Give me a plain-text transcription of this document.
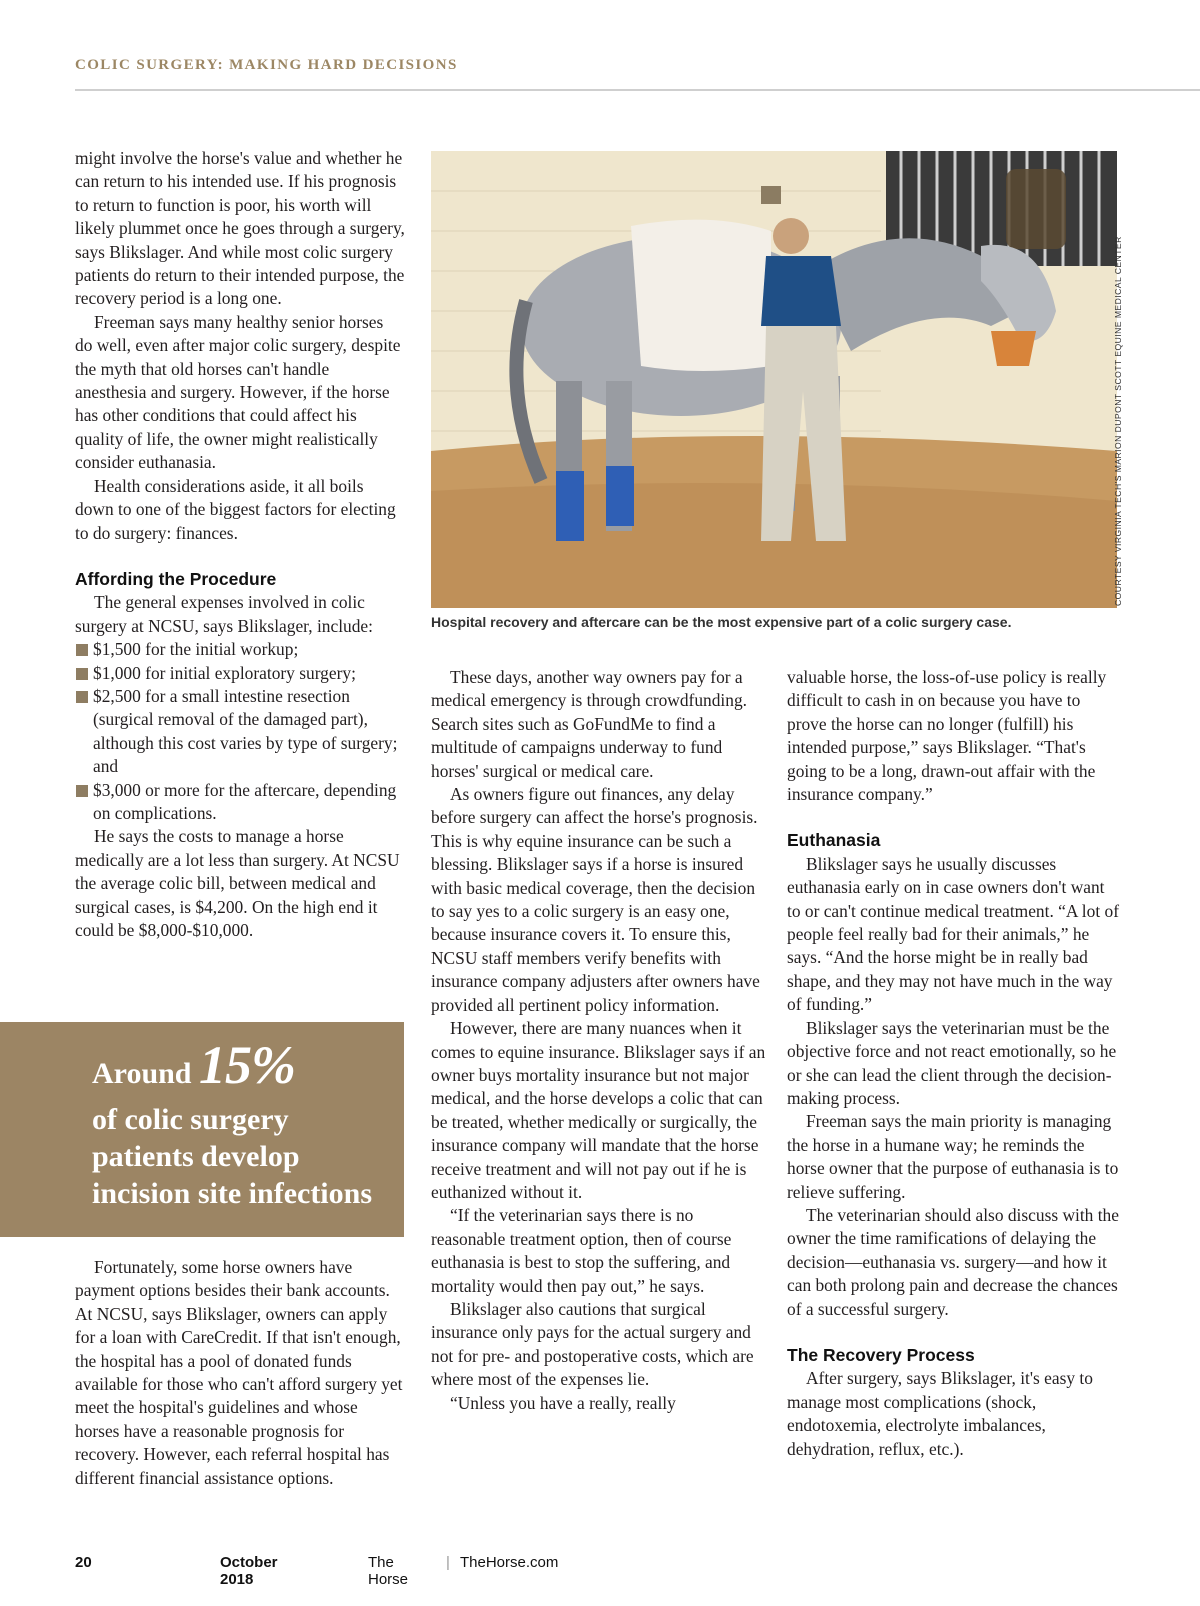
COLIC SURGERY: MAKING HARD DECISIONS

might involve the horse's value and whether he can return to his intended use. If his prognosis to return to function is poor, his worth will likely plummet once he goes through a surgery, says Blikslager. And while most colic surgery patients do return to their intended purpose, the recovery period is a long one.

Freeman says many healthy senior horses do well, even after major colic surgery, despite the myth that old horses can't handle anesthesia and surgery. However, if the horse has other conditions that could affect his quality of life, the owner might realistically consider euthanasia.

Health considerations aside, it all boils down to one of the biggest factors for electing to do surgery: finances.

Affording the Procedure

The general expenses involved in colic surgery at NCSU, says Blikslager, include:

$1,500 for the initial workup;
$1,000 for initial exploratory surgery;
$2,500 for a small intestine resection (surgical removal of the damaged part), although this cost varies by type of surgery; and
$3,000 or more for the aftercare, depending on complications.

He says the costs to manage a horse medically are a lot less than surgery. At NCSU the average colic bill, between medical and surgical cases, is $4,200. On the high end it could be $8,000-$10,000.

Around 15%
of colic surgery
patients develop
incision site infections

Fortunately, some horse owners have payment options besides their bank accounts. At NCSU, says Blikslager, owners can apply for a loan with CareCredit. If that isn't enough, the hospital has a pool of donated funds available for those who can't afford surgery yet meet the hospital's guidelines and whose horses have a reasonable prognosis for recovery. However, each referral hospital has different financial assistance options.

COURTESY VIRGINIA TECH'S MARION DUPONT SCOTT EQUINE MEDICAL CENTER
Hospital recovery and aftercare can be the most expensive part of a colic surgery case.

These days, another way owners pay for a medical emergency is through crowdfunding. Search sites such as GoFundMe to find a multitude of campaigns underway to fund horses' surgical or medical care.

As owners figure out finances, any delay before surgery can affect the horse's prognosis. This is why equine insurance can be such a blessing. Blikslager says if a horse is insured with basic medical coverage, then the decision to say yes to a colic surgery is an easy one, because insurance covers it. To ensure this, NCSU staff members verify benefits with insurance company adjusters after owners have provided all pertinent policy information.

However, there are many nuances when it comes to equine insurance. Blikslager says if an owner buys mortality insurance but not major medical, and the horse develops a colic that can be treated, whether medically or surgically, the insurance company will mandate that the horse receive treatment and will not pay out if he is euthanized without it.

“If the veterinarian says there is no reasonable treatment option, then of course euthanasia is best to stop the suffering, and mortality would then pay out,” he says.

Blikslager also cautions that surgical insurance only pays for the actual surgery and not for pre- and postoperative costs, which are where most of the expenses lie.

“Unless you have a really, really

valuable horse, the loss-of-use policy is really difficult to cash in on because you have to prove the horse can no longer (fulfill) his intended purpose,” says Blikslager. “That's going to be a long, drawn-out affair with the insurance company.”

Euthanasia

Blikslager says he usually discusses euthanasia early on in case owners don't want to or can't continue medical treatment. “A lot of people feel really bad for their animals,” he says. “And the horse might be in really bad shape, and they may not have much in the way of funding.”

Blikslager says the veterinarian must be the objective force and not react emotionally, so he or she can lead the client through the decision-making process.

Freeman says the main priority is managing the horse in a humane way; he reminds the horse owner that the purpose of euthanasia is to relieve suffering.

The veterinarian should also discuss with the owner the time ramifications of delaying the decision—euthanasia vs. surgery—and how it can both prolong pain and decrease the chances of a successful surgery.

The Recovery Process

After surgery, says Blikslager, it's easy to manage most complications (shock, endotoxemia, electrolyte imbalances, dehydration, reflux, etc.).

20	October 2018
The Horse
| TheHorse.com
